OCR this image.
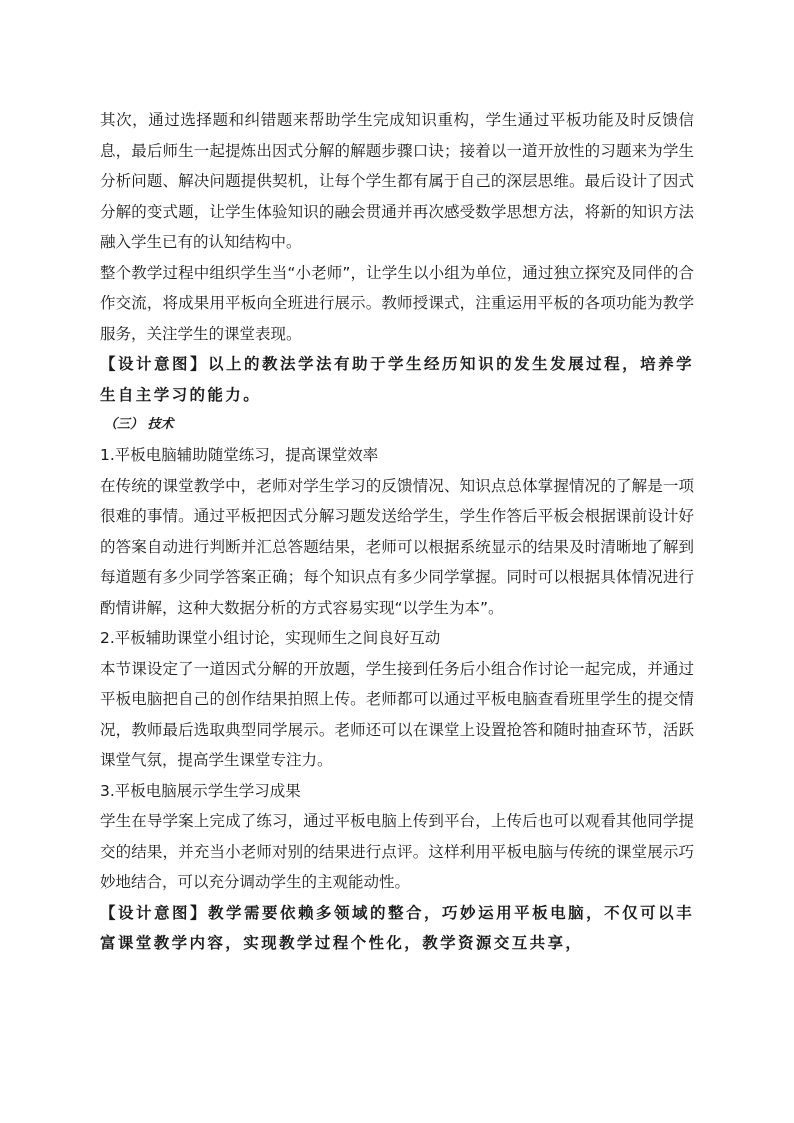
其次，通过选择题和纠错题来帮助学生完成知识重构，学生通过平板功能及时反馈信息，最后师生一起提炼出因式分解的解题步骤口诀；接着以一道开放性的习题来为学生分析问题、解决问题提供契机，让每个学生都有属于自己的深层思维。最后设计了因式分解的变式题，让学生体验知识的融会贯通并再次感受数学思想方法，将新的知识方法融入学生已有的认知结构中。

整个教学过程中组织学生当“小老师”，让学生以小组为单位，通过独立探究及同伴的合作交流，将成果用平板向全班进行展示。教师授课式，注重运用平板的各项功能为教学服务，关注学生的课堂表现。

【设计意图】以上的教法学法有助于学生经历知识的发生发展过程，培养学生自主学习的能力。

（三） 技术

1.平板电脑辅助随堂练习，提高课堂效率

在传统的课堂教学中，老师对学生学习的反馈情况、知识点总体掌握情况的了解是一项很难的事情。通过平板把因式分解习题发送给学生，学生作答后平板会根据课前设计好的答案自动进行判断并汇总答题结果，老师可以根据系统显示的结果及时清晰地了解到每道题有多少同学答案正确；每个知识点有多少同学掌握。同时可以根据具体情况进行酌情讲解，这种大数据分析的方式容易实现“以学生为本”。

2.平板辅助课堂小组讨论，实现师生之间良好互动

本节课设定了一道因式分解的开放题，学生接到任务后小组合作讨论一起完成，并通过平板电脑把自己的创作结果拍照上传。老师都可以通过平板电脑查看班里学生的提交情况，教师最后选取典型同学展示。老师还可以在课堂上设置抢答和随时抽查环节，活跃课堂气氛，提高学生课堂专注力。

3.平板电脑展示学生学习成果

学生在导学案上完成了练习，通过平板电脑上传到平台，上传后也可以观看其他同学提交的结果，并充当小老师对别的结果进行点评。这样利用平板电脑与传统的课堂展示巧妙地结合，可以充分调动学生的主观能动性。

【设计意图】教学需要依赖多领域的整合，巧妙运用平板电脑，不仅可以丰富课堂教学内容，实现教学过程个性化，教学资源交互共享，
